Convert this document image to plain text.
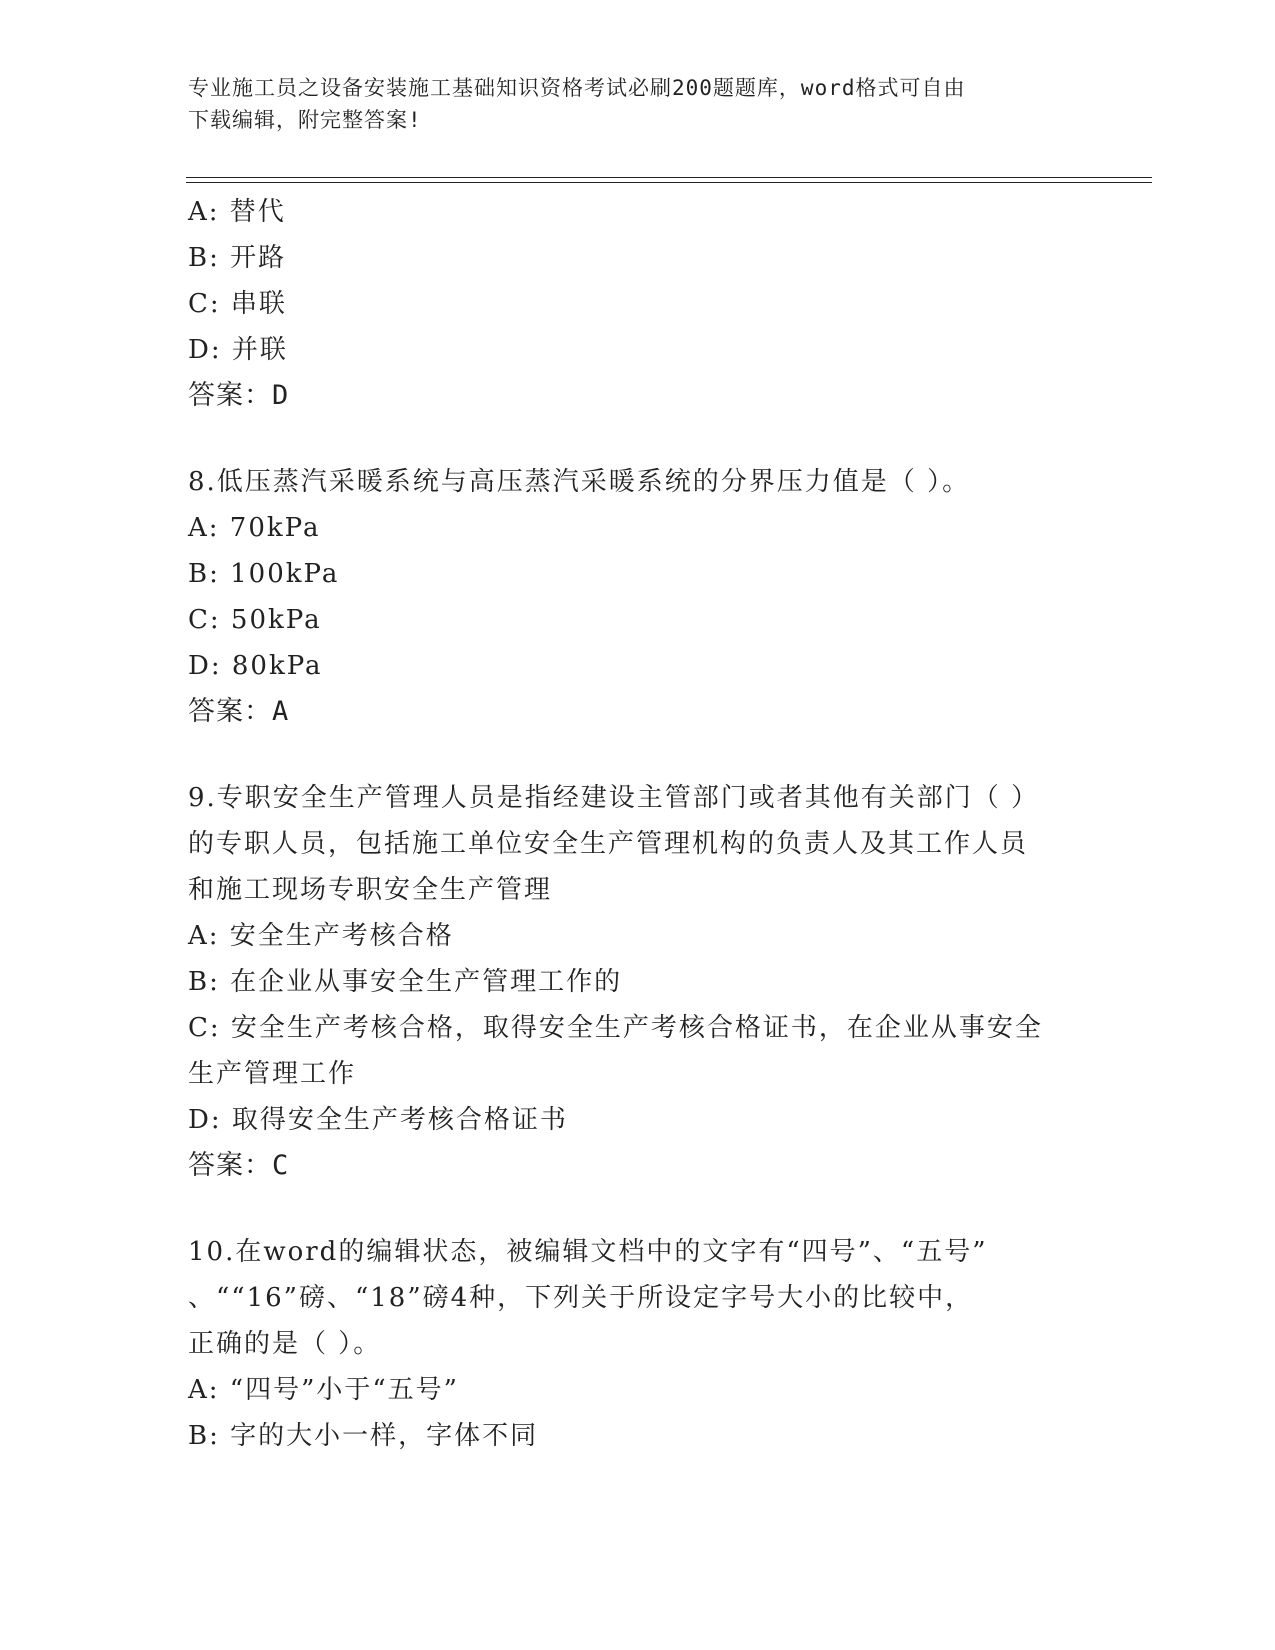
专业施工员之设备安装施工基础知识资格考试必刷200题题库，word格式可自由
下载编辑，附完整答案!
A: 替代
B: 开路
C: 串联
D: 并联
答案：D
8.低压蒸汽采暖系统与高压蒸汽采暖系统的分界压力值是（ ）。
A: 70kPa
B: 100kPa
C: 50kPa
D: 80kPa
答案：A
9.专职安全生产管理人员是指经建设主管部门或者其他有关部门（ ）
的专职人员，包括施工单位安全生产管理机构的负责人及其工作人员
和施工现场专职安全生产管理
A: 安全生产考核合格
B: 在企业从事安全生产管理工作的
C: 安全生产考核合格，取得安全生产考核合格证书，在企业从事安全
生产管理工作
D: 取得安全生产考核合格证书
答案：C
10.在word的编辑状态，被编辑文档中的文字有“四号”、“五号”
、““16”磅、“18”磅4种，下列关于所设定字号大小的比较中，
正确的是（ ）。
A: “四号”小于“五号”
B: 字的大小一样，字体不同
